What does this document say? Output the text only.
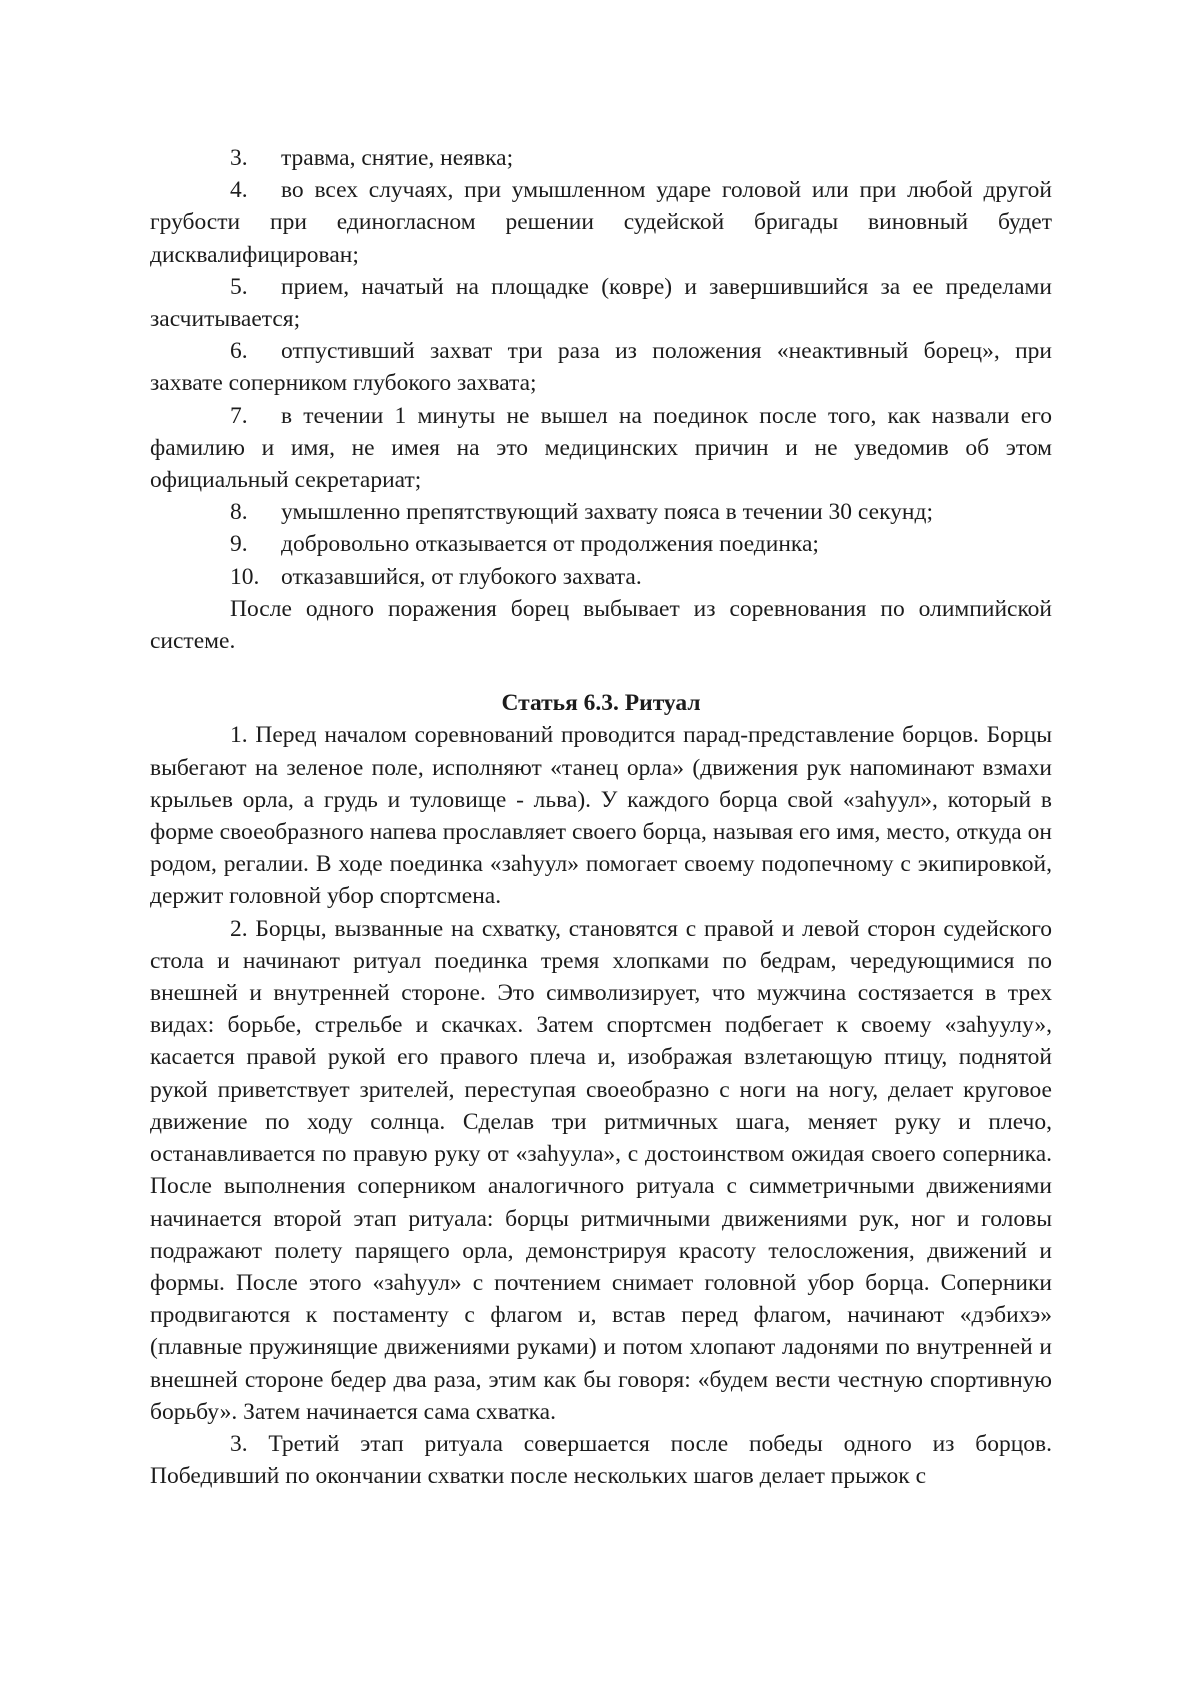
3. травма, снятие, неявка;

4. во всех случаях, при умышленном ударе головой или при любой другой грубости при единогласном решении судейской бригады виновный будет дисквалифицирован;

5. прием, начатый на площадке (ковре) и завершившийся за ее пределами засчитывается;

6. отпустивший захват три раза из положения «неактивный борец», при захвате соперником глубокого захвата;

7. в течении 1 минуты не вышел на поединок после того, как назвали его фамилию и имя, не имея на это медицинских причин и не уведомив об этом официальный секретариат;

8. умышленно препятствующий захвату пояса в течении 30 секунд;

9. добровольно отказывается от продолжения поединка;

10. отказавшийся, от глубокого захвата.

После одного поражения борец выбывает из соревнования по олимпийской системе.

Статья 6.3. Ритуал

1. Перед началом соревнований проводится парад-представление борцов. Борцы выбегают на зеленое поле, исполняют «танец орла» (движения рук напоминают взмахи крыльев орла, а грудь и туловище - льва). У каждого борца свой «заhуул», который в форме своеобразного напева прославляет своего борца, называя его имя, место, откуда он родом, регалии. В ходе поединка «заhуул» помогает своему подопечному с экипировкой, держит головной убор спортсмена.

2. Борцы, вызванные на схватку, становятся с правой и левой сторон судейского стола и начинают ритуал поединка тремя хлопками по бедрам, чередующимися по внешней и внутренней стороне. Это символизирует, что мужчина состязается в трех видах: борьбе, стрельбе и скачках. Затем спортсмен подбегает к своему «заhуулу», касается правой рукой его правого плеча и, изображая взлетающую птицу, поднятой рукой приветствует зрителей, переступая своеобразно с ноги на ногу, делает круговое движение по ходу солнца. Сделав три ритмичных шага, меняет руку и плечо, останавливается по правую руку от «заhуула», с достоинством ожидая своего соперника. После выполнения соперником аналогичного ритуала с симметричными движениями начинается второй этап ритуала: борцы ритмичными движениями рук, ног и головы подражают полету парящего орла, демонстрируя красоту телосложения, движений и формы. После этого «заhуул» с почтением снимает головной убор борца. Соперники продвигаются к постаменту с флагом и, встав перед флагом, начинают «дэбихэ» (плавные пружинящие движениями руками) и потом хлопают ладонями по внутренней и внешней стороне бедер два раза, этим как бы говоря: «будем вести честную спортивную борьбу». Затем начинается сама схватка.

3. Третий этап ритуала совершается после победы одного из борцов. Победивший по окончании схватки после нескольких шагов делает прыжок с
